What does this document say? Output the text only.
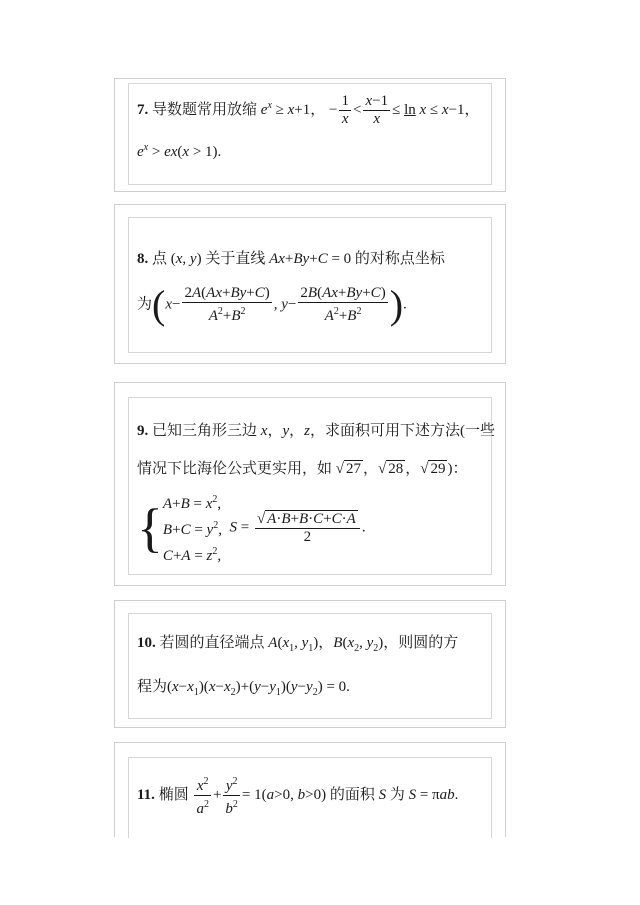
7. 导数题常用放缩 $e^x \ge x+1$， − $\frac{1}{x} < \frac{x-1}{x} \le \ln x \le x-1$，
$e^x > ex(x > 1)$.
8. 点 (x, y) 关于直线 Ax+By+C = 0 的对称点坐标
为($x- \frac{2A(Ax+By+C)}{A^2+B^2}$ , $y- \frac{2B(Ax+By+C)}{A^2+B^2}$ ).
9. 已知三角形三边 x，y，z，求面积可用下述方法(一些
情况下比海伦公式更实用，如 √ 27 ，√ 28 ，√ 29 )：
{$A+B = x^2$,
$B+C = y^2$,
$C+A = z^2$,  $S = \frac{√ A\cdot B+B\cdot C+C\cdot A}{2}$ .
10. 若圆的直径端点 $A(x_1$, $y_1$)，$B(x_2$, $y_2$)，则圆的方
程为$(x-x_1)(x-x_2)+(y-y_1)(y-y_2) = 0$.
11. 椭圆 $\frac{x^2}{a^2} + \frac{y^2}{b^2} = 1(a>0$, b>0) 的面积 S 为 S = πab.
